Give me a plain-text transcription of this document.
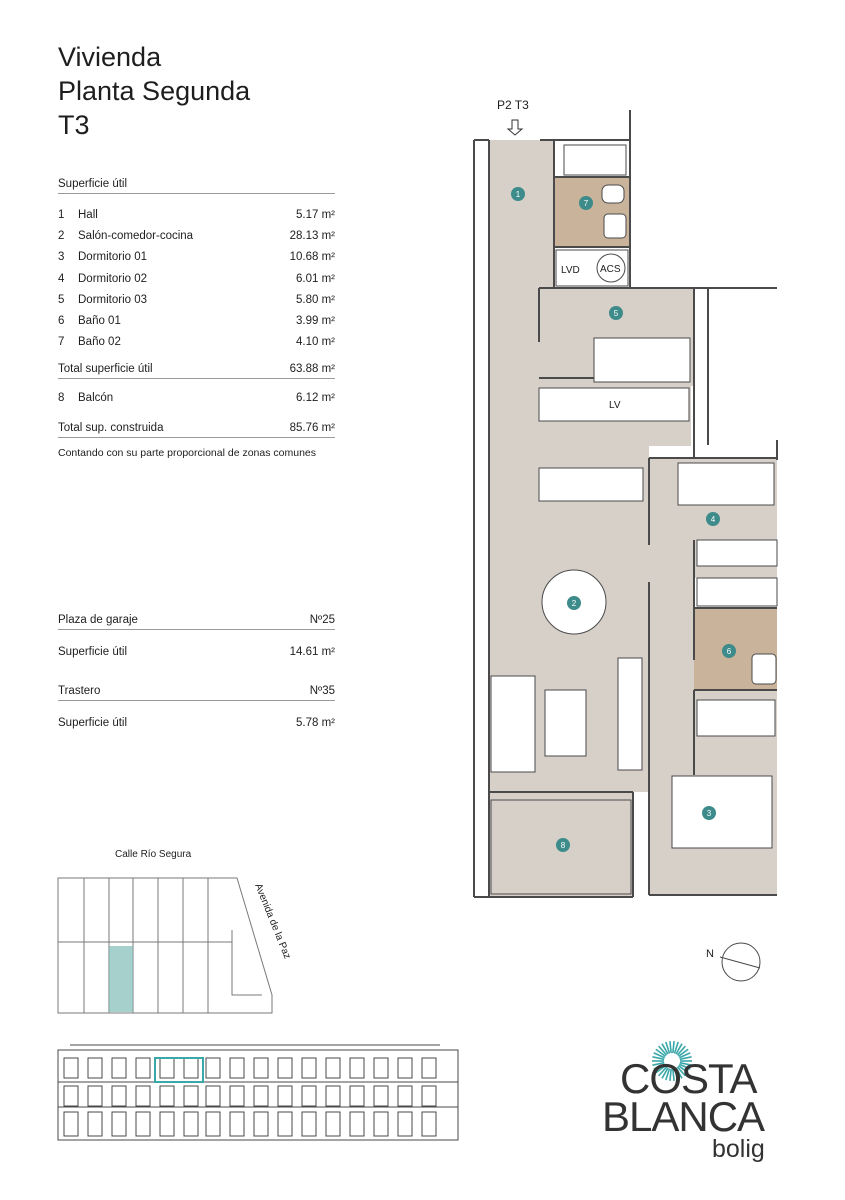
Vivienda
Planta Segunda
T3
Superficie útil
1	Hall	5.17 m²
2	Salón-comedor-cocina	28.13 m²
3	Dormitorio 01	10.68 m²
4	Dormitorio 02	6.01 m²
5	Dormitorio 03	5.80 m²
6	Baño 01	3.99 m²
7	Baño 02	4.10 m²
Total superficie útil	63.88 m²
8	Balcón	6.12 m²
Total sup. construida	85.76 m²
Contando con su parte proporcional de zonas comunes
Plaza de garaje	Nº25
Superficie útil	14.61 m²
Trastero	Nº35
Superficie útil	5.78 m²
P2 T3
LVD ACS
LV
1
2
3
4
5
6
7
8
N
Calle Río Segura
Avenida de la Paz
COSTA
BLANCA
bolig
